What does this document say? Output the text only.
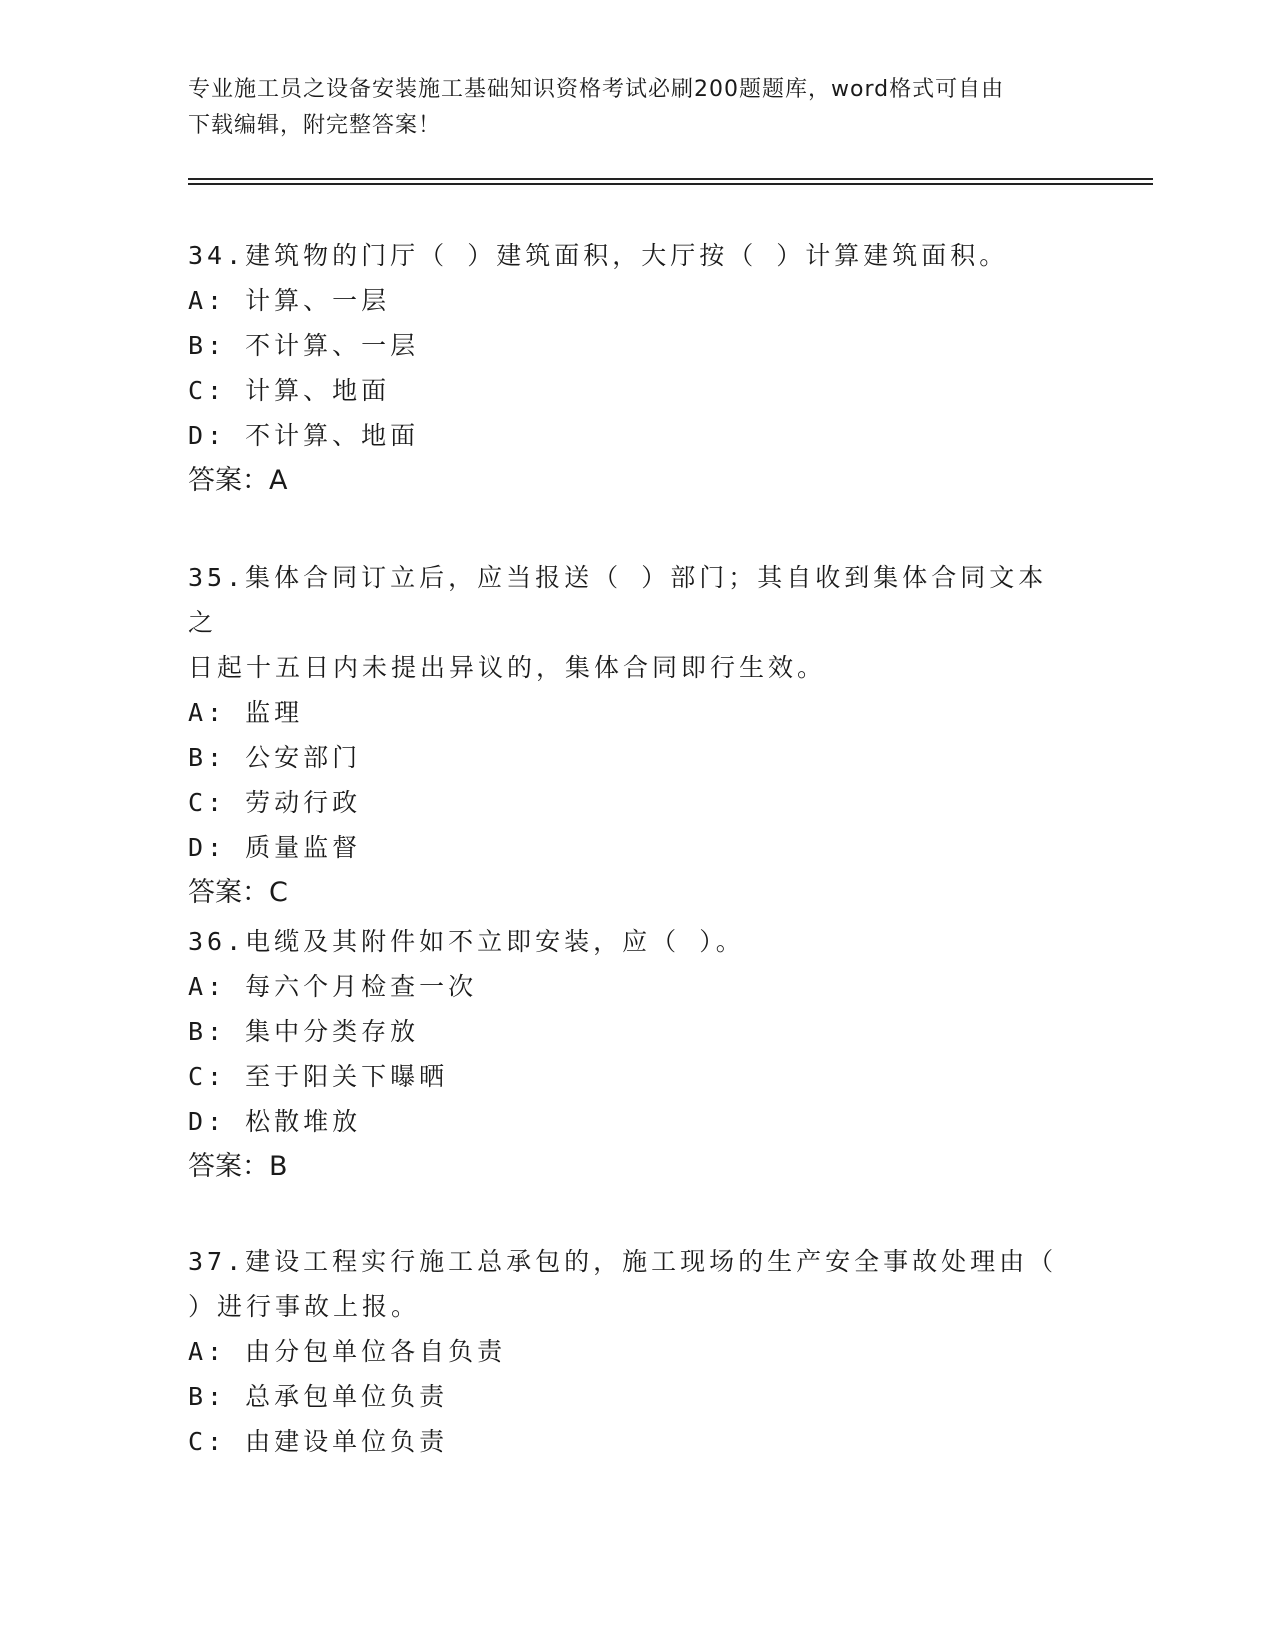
专业施工员之设备安装施工基础知识资格考试必刷200题题库，word格式可自由
下载编辑，附完整答案！

34.建筑物的门厅（ ）建筑面积，大厅按（ ）计算建筑面积。

A: 计算、一层

B: 不计算、一层

C: 计算、地面

D: 不计算、地面

答案：A

35.集体合同订立后，应当报送（ ）部门；其自收到集体合同文本之

日起十五日内未提出异议的，集体合同即行生效。

A: 监理

B: 公安部门

C: 劳动行政

D: 质量监督

答案：C

36.电缆及其附件如不立即安装，应（ ）。

A: 每六个月检查一次

B: 集中分类存放

C: 至于阳关下曝晒

D: 松散堆放

答案：B

37.建设工程实行施工总承包的，施工现场的生产安全事故处理由（

）进行事故上报。

A: 由分包单位各自负责

B: 总承包单位负责

C: 由建设单位负责
